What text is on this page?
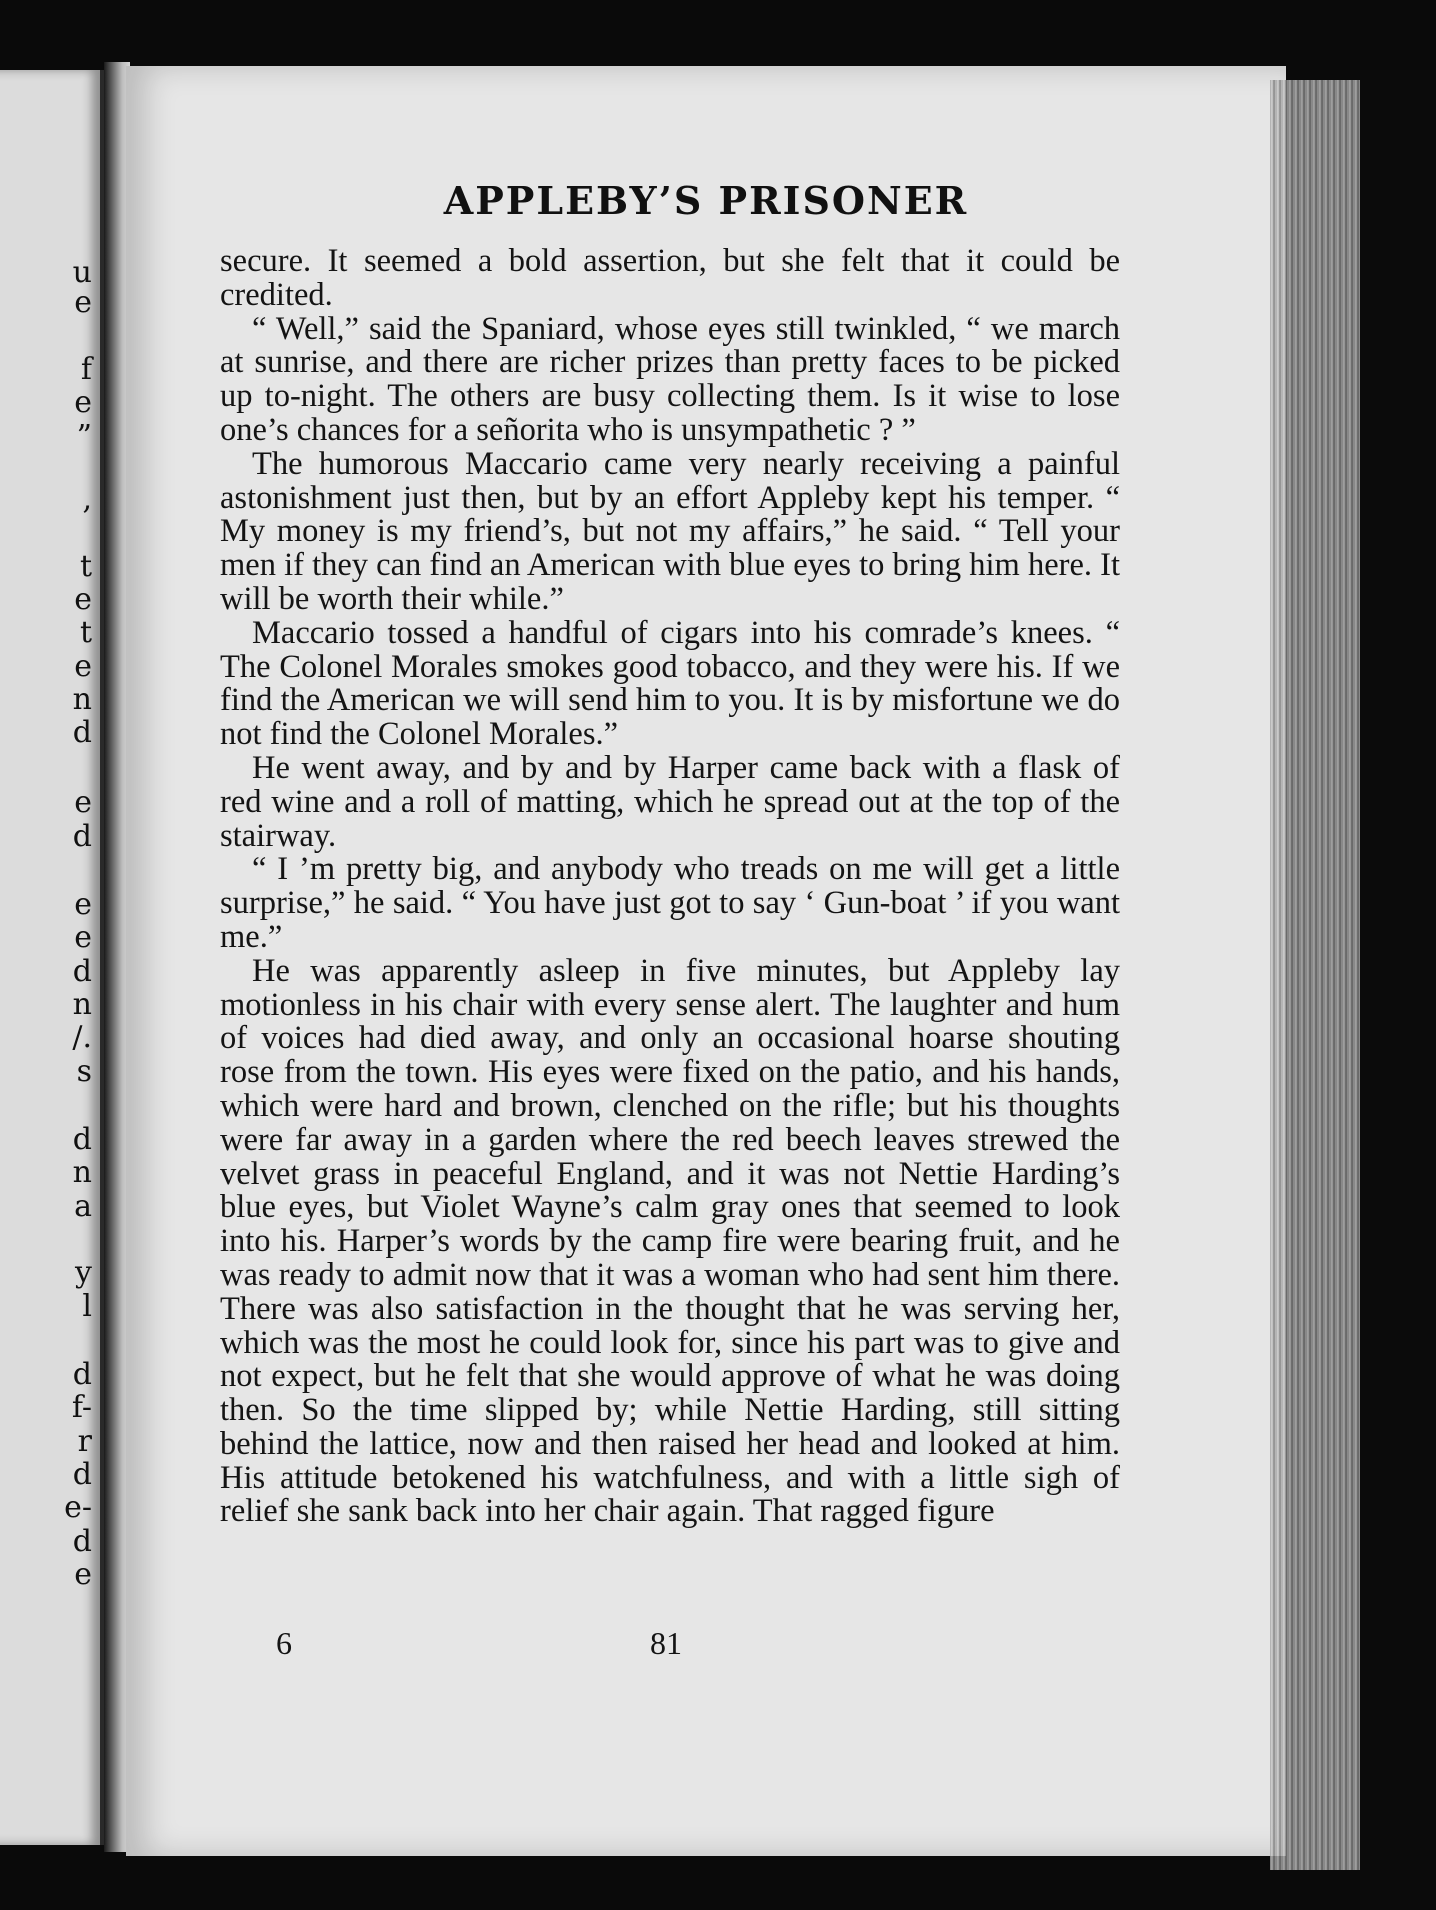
u
e
f
e
”
,
t
e
t
e
n
d
e
d
e
e
d
n
/.
s
d
n
a
y
l
d
f-
r
d
e-
d
e
APPLEBY’S PRISONER

secure. It seemed a bold assertion, but she felt that it could be credited.

“ Well,” said the Spaniard, whose eyes still twinkled, “ we march at sunrise, and there are richer prizes than pretty faces to be picked up to-night. The others are busy collecting them. Is it wise to lose one’s chances for a señorita who is unsympathetic ? ”

The humorous Maccario came very nearly receiving a painful astonishment just then, but by an effort Appleby kept his temper. “ My money is my friend’s, but not my affairs,” he said. “ Tell your men if they can find an American with blue eyes to bring him here. It will be worth their while.”

Maccario tossed a handful of cigars into his comrade’s knees. “ The Colonel Morales smokes good tobacco, and they were his. If we find the American we will send him to you. It is by misfortune we do not find the Colonel Morales.”

He went away, and by and by Harper came back with a flask of red wine and a roll of matting, which he spread out at the top of the stairway.

“ I ’m pretty big, and anybody who treads on me will get a little surprise,” he said. “ You have just got to say ‘ Gun-boat ’ if you want me.”

He was apparently asleep in five minutes, but Appleby lay motionless in his chair with every sense alert. The laughter and hum of voices had died away, and only an occasional hoarse shouting rose from the town. His eyes were fixed on the patio, and his hands, which were hard and brown, clenched on the rifle; but his thoughts were far away in a garden where the red beech leaves strewed the velvet grass in peaceful England, and it was not Nettie Harding’s blue eyes, but Violet Wayne’s calm gray ones that seemed to look into his. Harper’s words by the camp fire were bearing fruit, and he was ready to admit now that it was a woman who had sent him there. There was also satisfaction in the thought that he was serving her, which was the most he could look for, since his part was to give and not expect, but he felt that she would approve of what he was doing then. So the time slipped by; while Nettie Harding, still sitting behind the lattice, now and then raised her head and looked at him. His attitude betokened his watchfulness, and with a little sigh of relief she sank back into her chair again. That ragged figure

6	81
